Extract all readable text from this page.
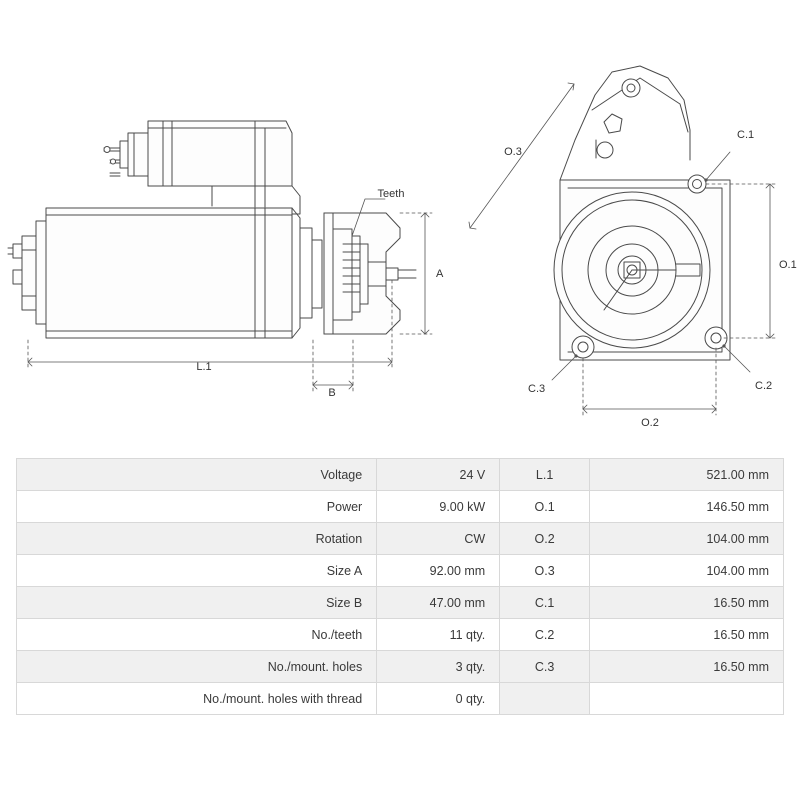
Teeth
A
L.1
B
O.3
O.1
O.2
C.1
C.2
C.3
Voltage	24 V	L.1	521.00 mm
Power	9.00 kW	O.1	146.50 mm
Rotation	CW	O.2	104.00 mm
Size A	92.00 mm	O.3	104.00 mm
Size B	47.00 mm	C.1	16.50 mm
No./teeth	11 qty.	C.2	16.50 mm
No./mount. holes	3 qty.	C.3	16.50 mm
No./mount. holes with thread	0 qty.		
